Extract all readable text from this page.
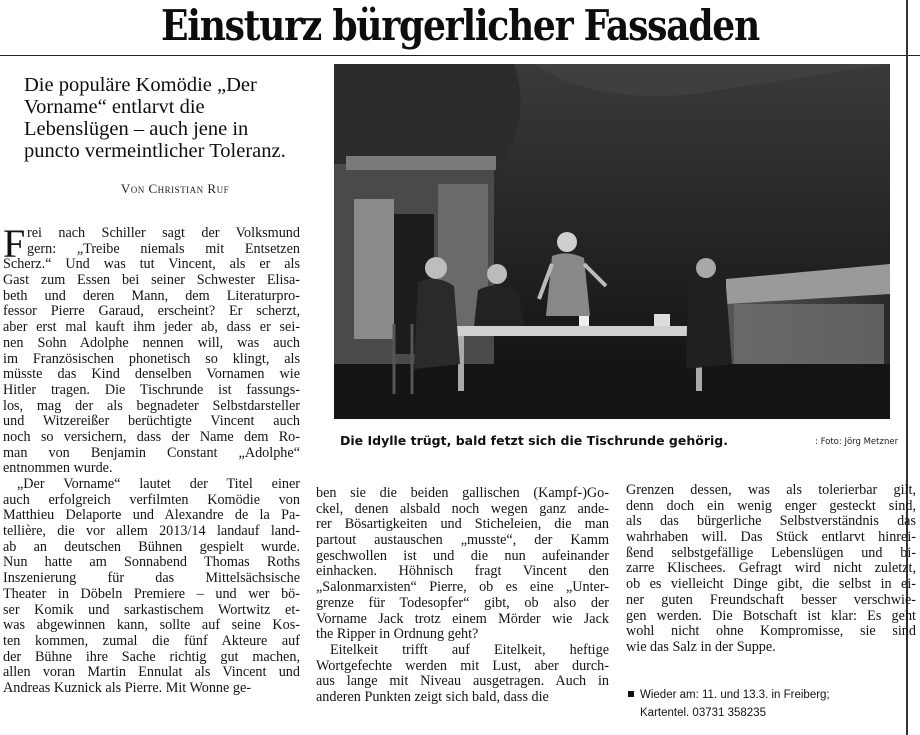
Einsturz bürgerlicher Fassaden
Die populäre Komödie „Der
Vorname“ entlarvt die
Lebenslügen – auch jene in
puncto vermeintlicher Toleranz.
Von Christian Ruf
F rei nach Schiller sagt der Volksmund
gern: „Treibe niemals mit Entsetzen
Scherz.“ Und was tut Vincent, als er als
Gast zum Essen bei seiner Schwester Elisa-
beth und deren Mann, dem Literaturpro-
fessor Pierre Garaud, erscheint? Er scherzt,
aber erst mal kauft ihm jeder ab, dass er sei-
nen Sohn Adolphe nennen will, was auch
im Französischen phonetisch so klingt, als
müsste das Kind denselben Vornamen wie
Hitler tragen. Die Tischrunde ist fassungs-
los, mag der als begnadeter Selbstdarsteller
und Witzereißer berüchtigte Vincent auch
noch so versichern, dass der Name dem Ro-
man von Benjamin Constant „Adolphe“
entnommen wurde.
„Der Vorname“ lautet der Titel einer
auch erfolgreich verfilmten Komödie von
Matthieu Delaporte und Alexandre de la Pa-
tellière, die vor allem 2013/14 landauf land-
ab an deutschen Bühnen gespielt wurde.
Nun hatte am Sonnabend Thomas Roths
Inszenierung für das Mittelsächsische
Theater in Döbeln Premiere – und wer bö-
ser Komik und sarkastischem Wortwitz et-
was abgewinnen kann, sollte auf seine Kos-
ten kommen, zumal die fünf Akteure auf
der Bühne ihre Sache richtig gut machen,
allen voran Martin Ennulat als Vincent und
Andreas Kuznick als Pierre. Mit Wonne ge-
Die Idylle trügt, bald fetzt sich die Tischrunde gehörig.	: Foto: Jörg Metzner
ben sie die beiden gallischen (Kampf-)Go-
ckel, denen alsbald noch wegen ganz ande-
rer Bösartigkeiten und Sticheleien, die man
partout austauschen „musste“, der Kamm
geschwollen ist und die nun aufeinander
einhacken. Höhnisch fragt Vincent den
„Salonmarxisten“ Pierre, ob es eine „Unter-
grenze für Todesopfer“ gibt, ob also der
Vorname Jack trotz einem Mörder wie Jack
the Ripper in Ordnung geht?
Eitelkeit trifft auf Eitelkeit, heftige
Wortgefechte werden mit Lust, aber durch-
aus lange mit Niveau ausgetragen. Auch in
anderen Punkten zeigt sich bald, dass die
Grenzen dessen, was als tolerierbar gilt,
denn doch ein wenig enger gesteckt sind,
als das bürgerliche Selbstverständnis das
wahrhaben will. Das Stück entlarvt hinrei-
ßend selbstgefällige Lebenslügen und bi-
zarre Klischees. Gefragt wird nicht zuletzt,
ob es vielleicht Dinge gibt, die selbst in ei-
ner guten Freundschaft besser verschwie-
gen werden. Die Botschaft ist klar: Es geht
wohl nicht ohne Kompromisse, sie sind
wie das Salz in der Suppe.
Wieder am: 11. und 13.3. in Freiberg;
Kartentel. 03731 358235
